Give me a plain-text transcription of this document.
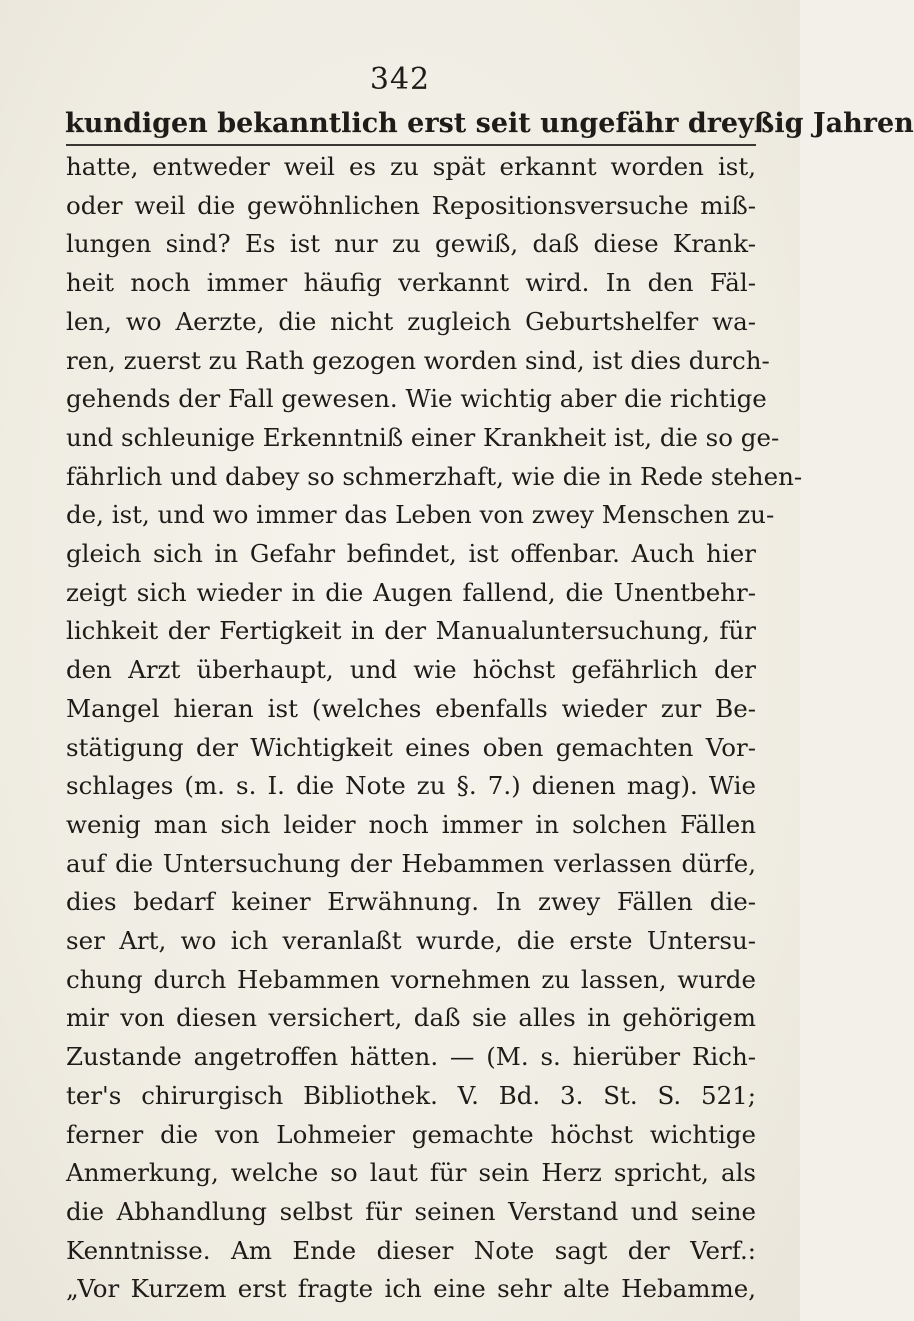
342
kundigen bekanntlich erst seit ungefähr dreyßig Jahren
hatte, entweder weil es zu spät erkannt worden ist,
oder weil die gewöhnlichen Repositionsversuche miß-
lungen sind? Es ist nur zu gewiß, daß diese Krank-
heit noch immer häufig verkannt wird. In den Fäl-
len, wo Aerzte, die nicht zugleich Geburtshelfer wa-
ren, zuerst zu Rath gezogen worden sind, ist dies durch-
gehends der Fall gewesen. Wie wichtig aber die richtige
und schleunige Erkenntniß einer Krankheit ist, die so ge-
fährlich und dabey so schmerzhaft, wie die in Rede stehen-
de, ist, und wo immer das Leben von zwey Menschen zu-
gleich sich in Gefahr befindet, ist offenbar. Auch hier
zeigt sich wieder in die Augen fallend, die Unentbehr-
lichkeit der Fertigkeit in der Manualuntersuchung, für
den Arzt überhaupt, und wie höchst gefährlich der
Mangel hieran ist (welches ebenfalls wieder zur Be-
stätigung der Wichtigkeit eines oben gemachten Vor-
schlages (m. s. I. die Note zu §. 7.) dienen mag). Wie
wenig man sich leider noch immer in solchen Fällen
auf die Untersuchung der Hebammen verlassen dürfe,
dies bedarf keiner Erwähnung. In zwey Fällen die-
ser Art, wo ich veranlaßt wurde, die erste Untersu-
chung durch Hebammen vornehmen zu lassen, wurde
mir von diesen versichert, daß sie alles in gehörigem
Zustande angetroffen hätten. — (M. s. hierüber Rich-
ter's chirurgisch Bibliothek. V. Bd. 3. St. S. 521;
ferner die von Lohmeier gemachte höchst wichtige
Anmerkung, welche so laut für sein Herz spricht, als
die Abhandlung selbst für seinen Verstand und seine
Kenntnisse. Am Ende dieser Note sagt der Verf.:
„Vor Kurzem erst fragte ich eine sehr alte Hebamme,
